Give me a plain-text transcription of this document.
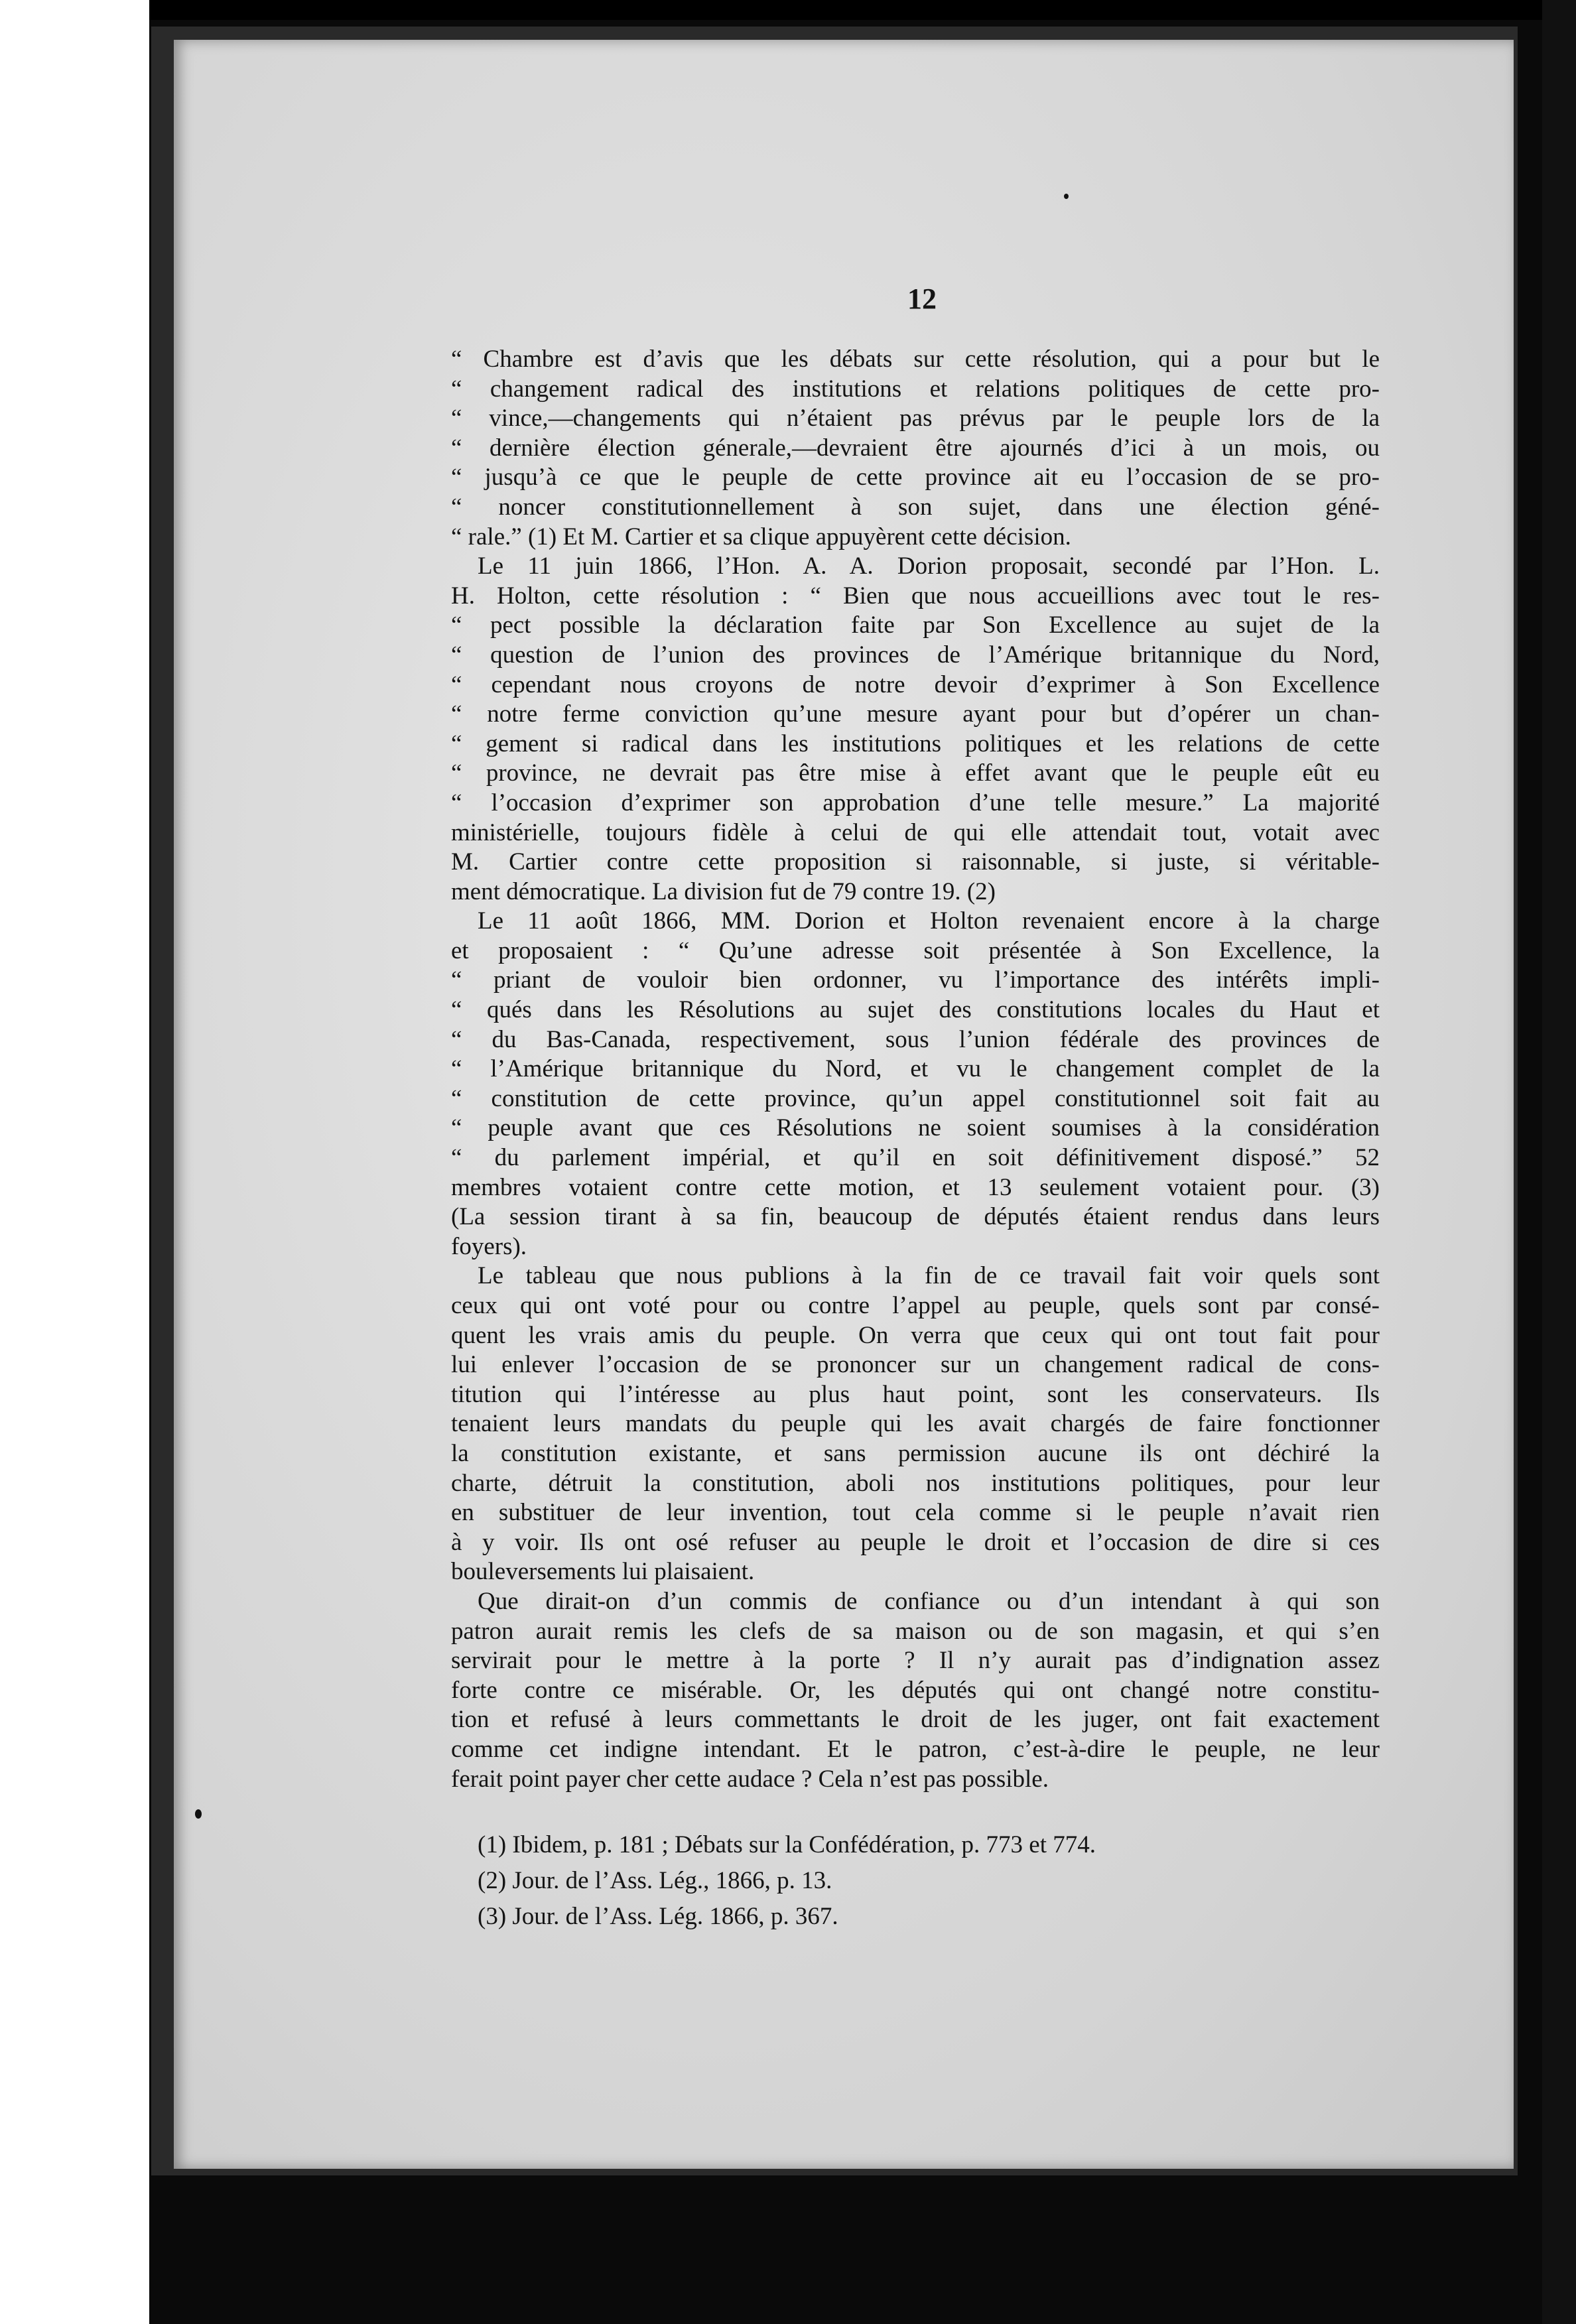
12
“ Chambre est d’avis que les débats sur cette résolution, qui a pour but le
“ changement radical des institutions et relations politiques de cette pro-
“ vince,—changements qui n’étaient pas prévus par le peuple lors de la
“ dernière élection génerale,—devraient être ajournés d’ici à un mois, ou
“ jusqu’à ce que le peuple de cette province ait eu l’occasion de se pro-
“ noncer constitutionnellement à son sujet, dans une élection géné-
“ rale.” (1) Et M. Cartier et sa clique appuyèrent cette décision.
Le 11 juin 1866, l’Hon. A. A. Dorion proposait, secondé par l’Hon. L.
H. Holton, cette résolution : “ Bien que nous accueillions avec tout le res-
“ pect possible la déclaration faite par Son Excellence au sujet de la
“ question de l’union des provinces de l’Amérique britannique du Nord,
“ cependant nous croyons de notre devoir d’exprimer à Son Excellence
“ notre ferme conviction qu’une mesure ayant pour but d’opérer un chan-
“ gement si radical dans les institutions politiques et les relations de cette
“ province, ne devrait pas être mise à effet avant que le peuple eût eu
“ l’occasion d’exprimer son approbation d’une telle mesure.” La majorité
ministérielle, toujours fidèle à celui de qui elle attendait tout, votait avec
M. Cartier contre cette proposition si raisonnable, si juste, si véritable-
ment démocratique. La division fut de 79 contre 19. (2)
Le 11 août 1866, MM. Dorion et Holton revenaient encore à la charge
et proposaient : “ Qu’une adresse soit présentée à Son Excellence, la
“ priant de vouloir bien ordonner, vu l’importance des intérêts impli-
“ qués dans les Résolutions au sujet des constitutions locales du Haut et
“ du Bas-Canada, respectivement, sous l’union fédérale des provinces de
“ l’Amérique britannique du Nord, et vu le changement complet de la
“ constitution de cette province, qu’un appel constitutionnel soit fait au
“ peuple avant que ces Résolutions ne soient soumises à la considération
“ du parlement impérial, et qu’il en soit définitivement disposé.” 52
membres votaient contre cette motion, et 13 seulement votaient pour. (3)
(La session tirant à sa fin, beaucoup de députés étaient rendus dans leurs
foyers).
Le tableau que nous publions à la fin de ce travail fait voir quels sont
ceux qui ont voté pour ou contre l’appel au peuple, quels sont par consé-
quent les vrais amis du peuple. On verra que ceux qui ont tout fait pour
lui enlever l’occasion de se prononcer sur un changement radical de cons-
titution qui l’intéresse au plus haut point, sont les conservateurs. Ils
tenaient leurs mandats du peuple qui les avait chargés de faire fonctionner
la constitution existante, et sans permission aucune ils ont déchiré la
charte, détruit la constitution, aboli nos institutions politiques, pour leur
en substituer de leur invention, tout cela comme si le peuple n’avait rien
à y voir. Ils ont osé refuser au peuple le droit et l’occasion de dire si ces
bouleversements lui plaisaient.
Que dirait-on d’un commis de confiance ou d’un intendant à qui son
patron aurait remis les clefs de sa maison ou de son magasin, et qui s’en
servirait pour le mettre à la porte ? Il n’y aurait pas d’indignation assez
forte contre ce misérable. Or, les députés qui ont changé notre constitu-
tion et refusé à leurs commettants le droit de les juger, ont fait exactement
comme cet indigne intendant. Et le patron, c’est-à-dire le peuple, ne leur
ferait point payer cher cette audace ? Cela n’est pas possible.
(1) Ibidem, p. 181 ; Débats sur la Confédération, p. 773 et 774.
(2) Jour. de l’Ass. Lég., 1866, p. 13.
(3) Jour. de l’Ass. Lég. 1866, p. 367.
